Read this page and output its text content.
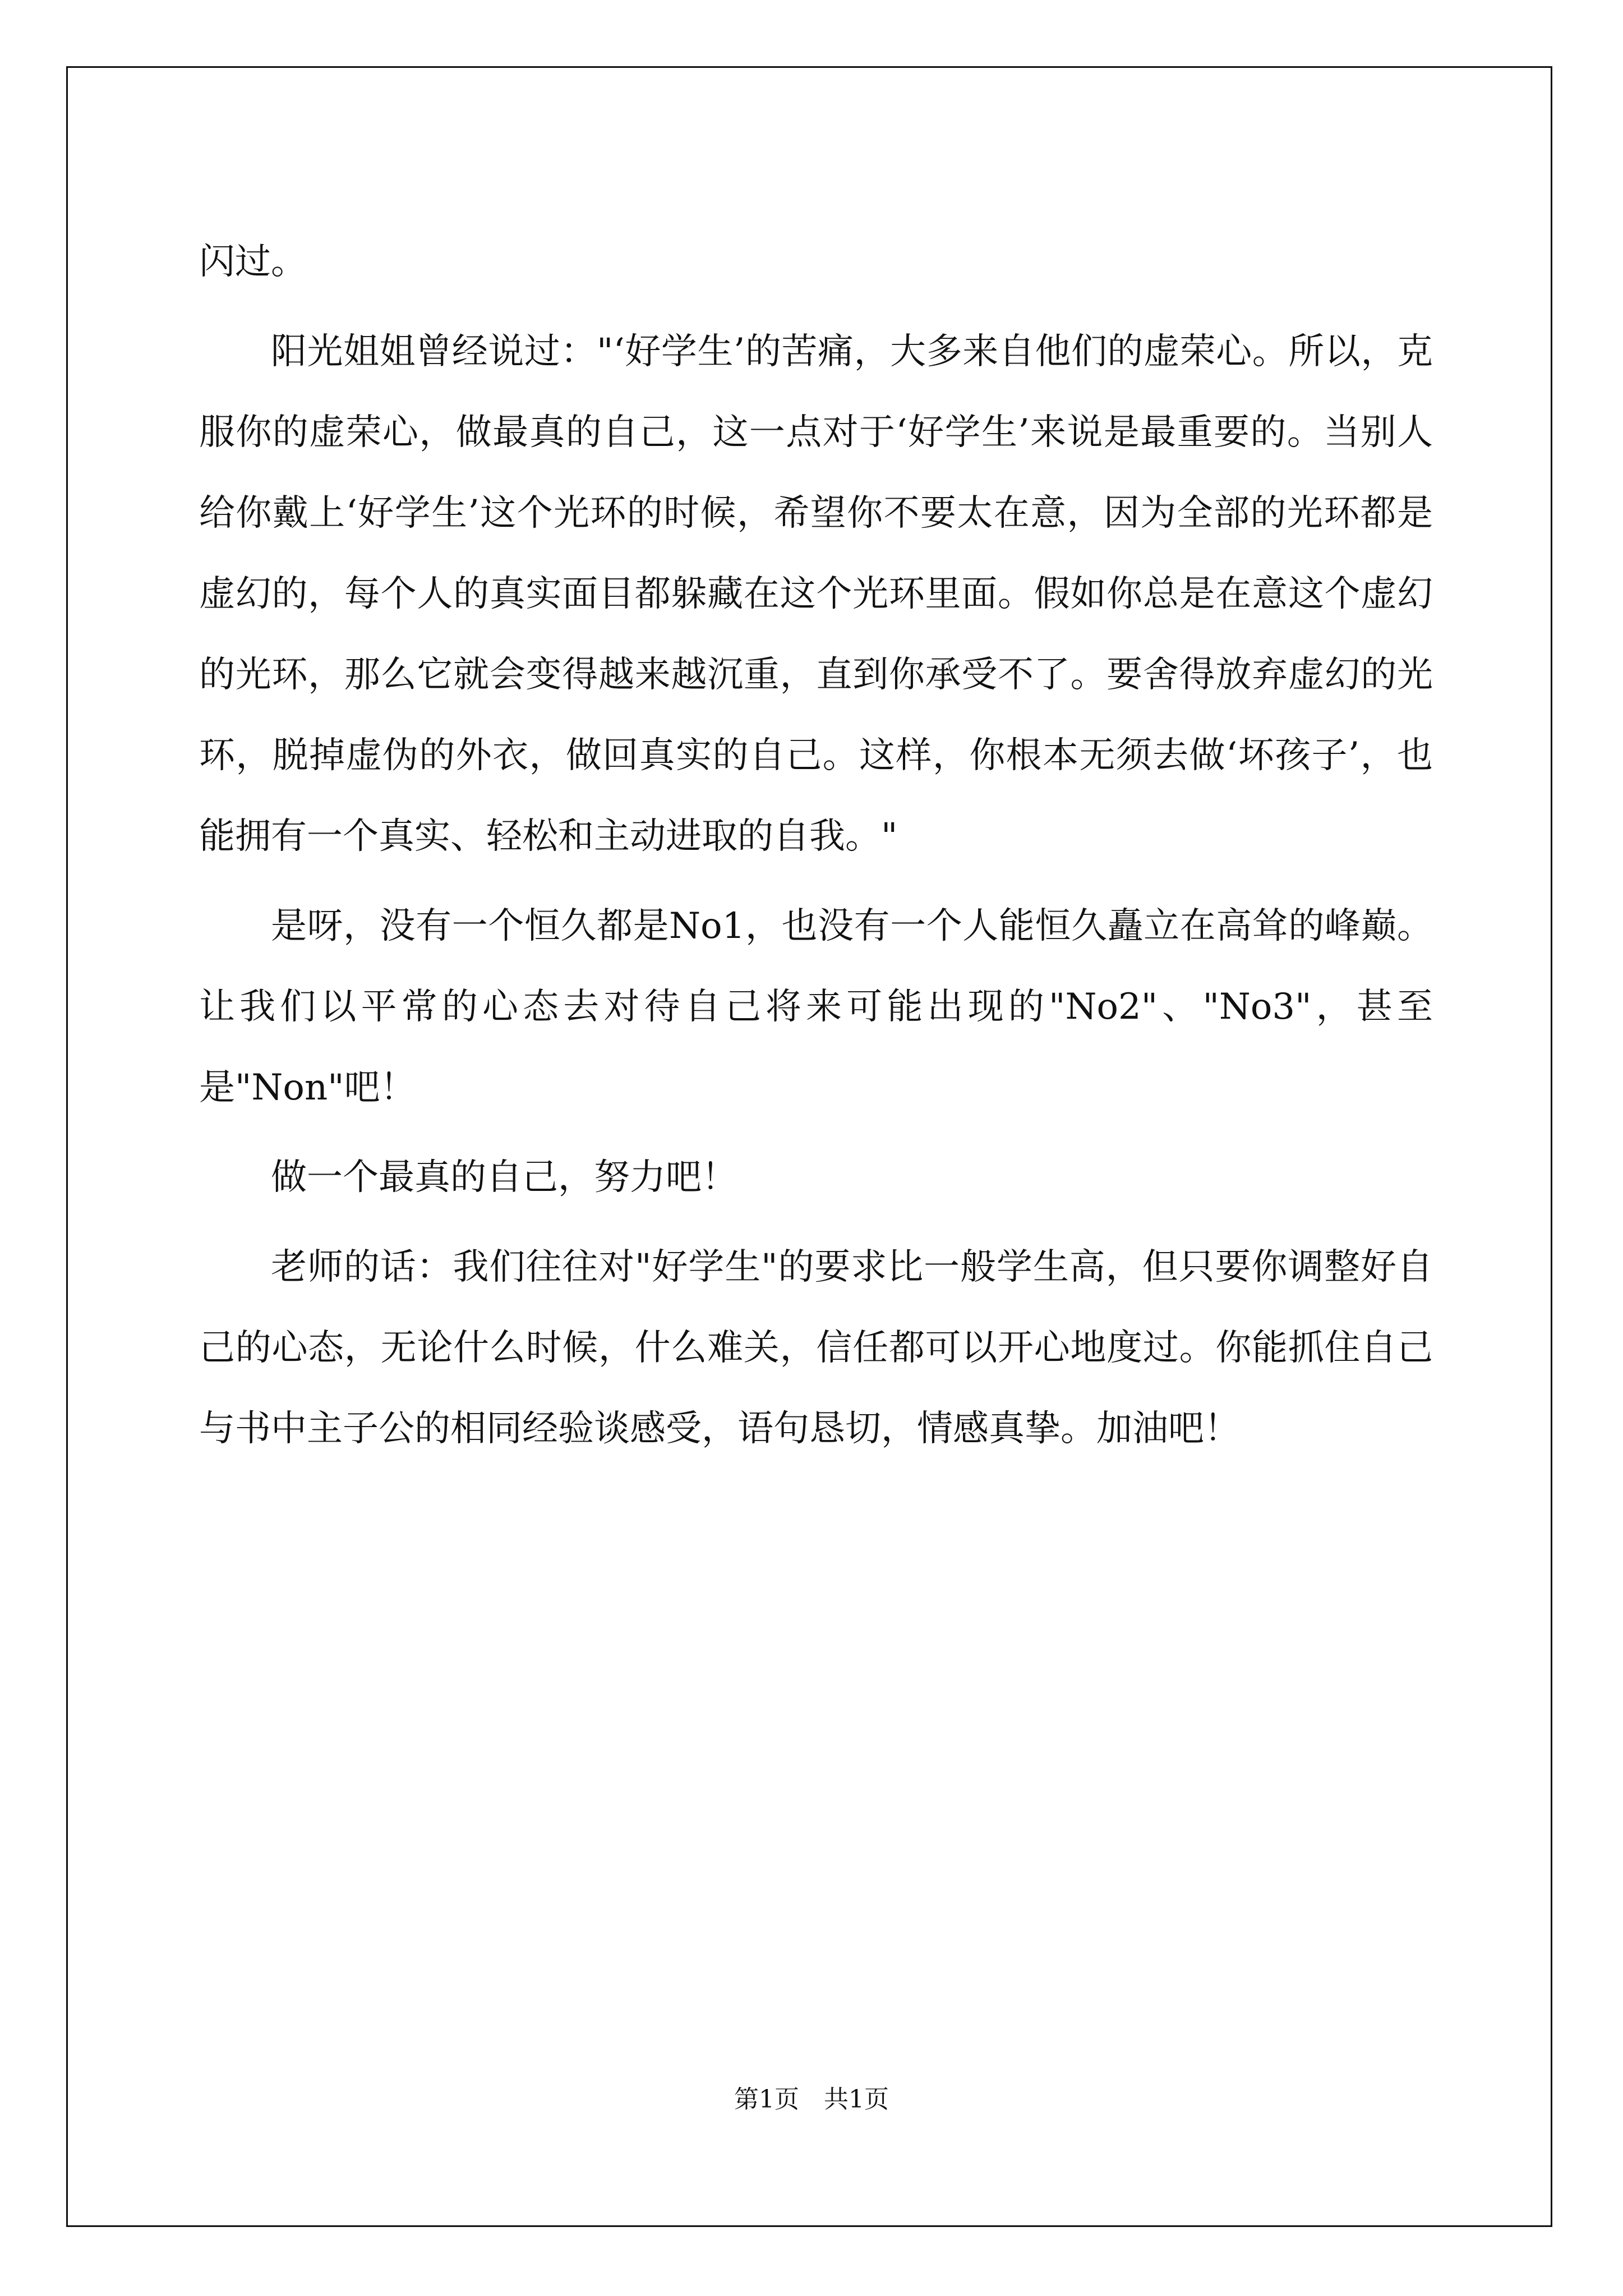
闪过。

阳光姐姐曾经说过："‘好学生’的苦痛，大多来自他们的虚荣心。所以，克服你的虚荣心，做最真的自己，这一点对于‘好学生’来说是最重要的。当别人给你戴上‘好学生’这个光环的时候，希望你不要太在意，因为全部的光环都是虚幻的，每个人的真实面目都躲藏在这个光环里面。假如你总是在意这个虚幻的光环，那么它就会变得越来越沉重，直到你承受不了。要舍得放弃虚幻的光环，脱掉虚伪的外衣，做回真实的自己。这样，你根本无须去做‘坏孩子’，也能拥有一个真实、轻松和主动进取的自我。"

是呀，没有一个恒久都是No1，也没有一个人能恒久矗立在高耸的峰巅。让我们以平常的心态去对待自己将来可能出现的"No2"、"No3"，甚至是"Non"吧！

做一个最真的自己，努力吧！

老师的话：我们往往对"好学生"的要求比一般学生高，但只要你调整好自己的心态，无论什么时候，什么难关，信任都可以开心地度过。你能抓住自己与书中主子公的相同经验谈感受，语句恳切，情感真挚。加油吧！

第1页　共1页
